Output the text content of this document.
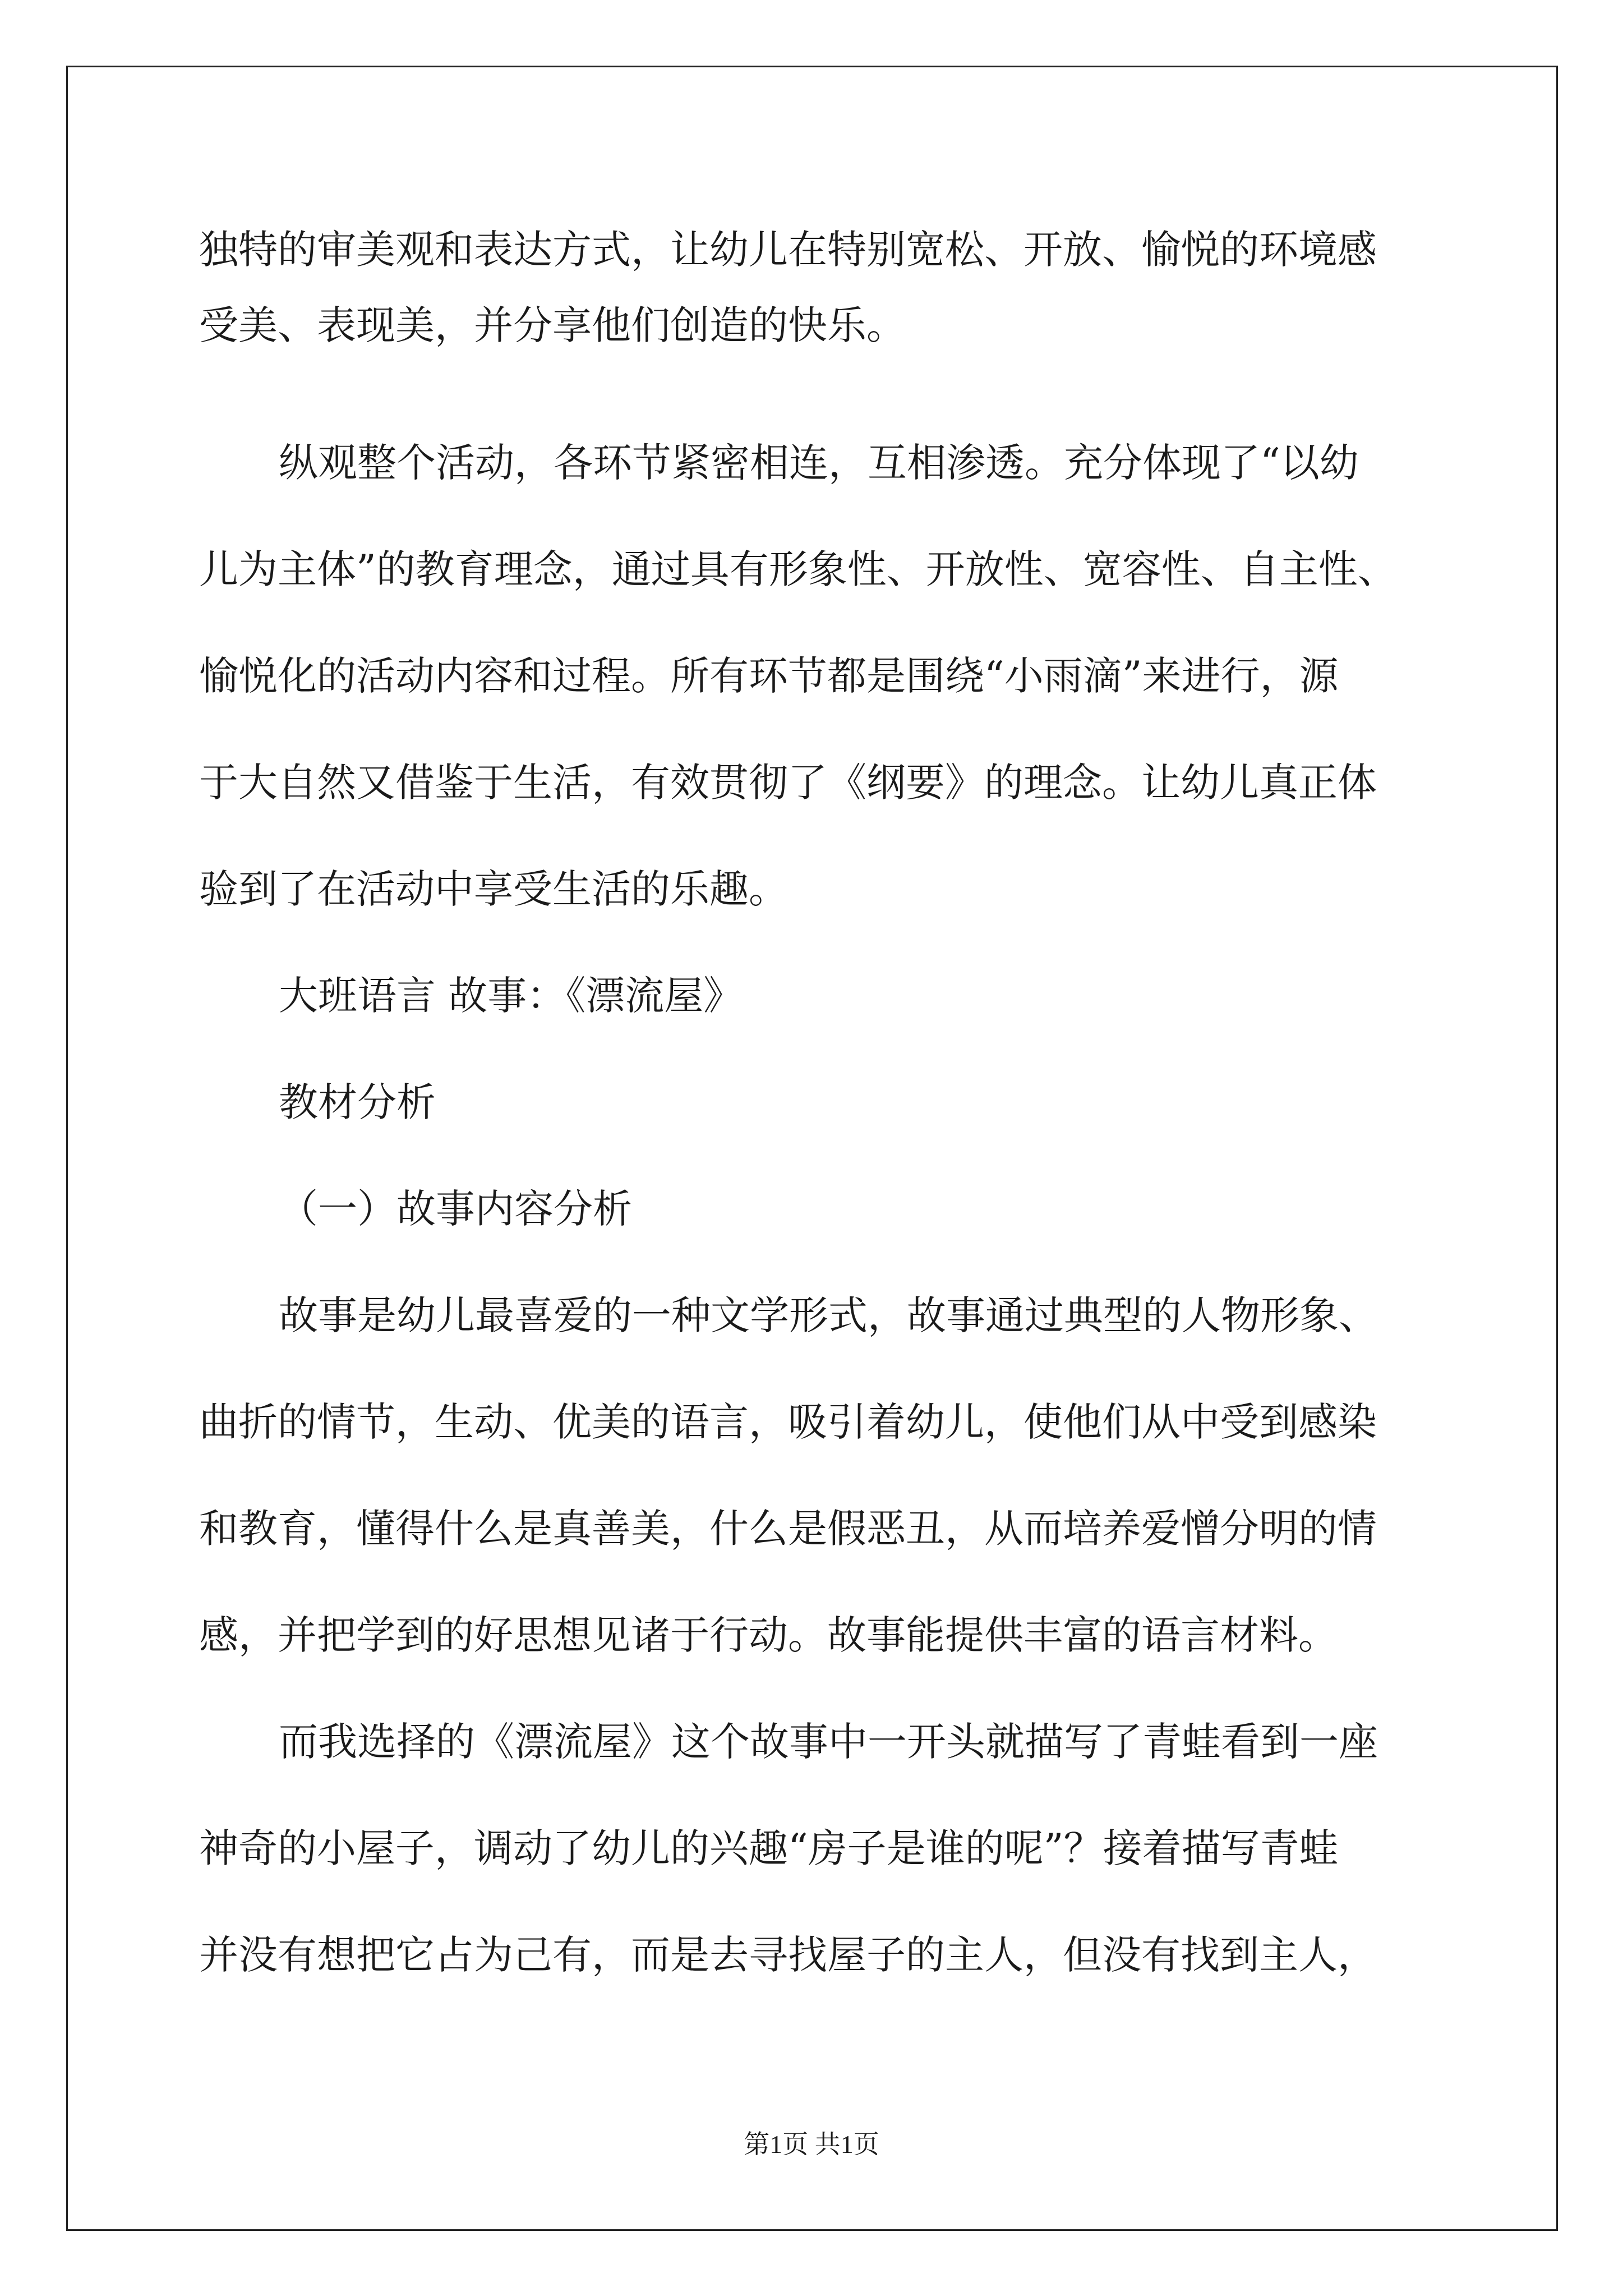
独特的审美观和表达方式，让幼儿在特别宽松、开放、愉悦的环境感

受美、表现美，并分享他们创造的快乐。

纵观整个活动，各环节紧密相连，互相渗透。充分体现了“以幼

儿为主体”的教育理念，通过具有形象性、开放性、宽容性、自主性、

愉悦化的活动内容和过程。所有环节都是围绕“小雨滴”来进行，源

于大自然又借鉴于生活，有效贯彻了《纲要》的理念。让幼儿真正体

验到了在活动中享受生活的乐趣。

大班语言 故事：《漂流屋》

教材分析

（一）故事内容分析

故事是幼儿最喜爱的一种文学形式，故事通过典型的人物形象、

曲折的情节，生动、优美的语言，吸引着幼儿，使他们从中受到感染

和教育，懂得什么是真善美，什么是假恶丑，从而培养爱憎分明的情

感，并把学到的好思想见诸于行动。故事能提供丰富的语言材料。

而我选择的《漂流屋》这个故事中一开头就描写了青蛙看到一座

神奇的小屋子，调动了幼儿的兴趣“房子是谁的呢”？接着描写青蛙

并没有想把它占为己有，而是去寻找屋子的主人，但没有找到主人，

第1页 共1页
